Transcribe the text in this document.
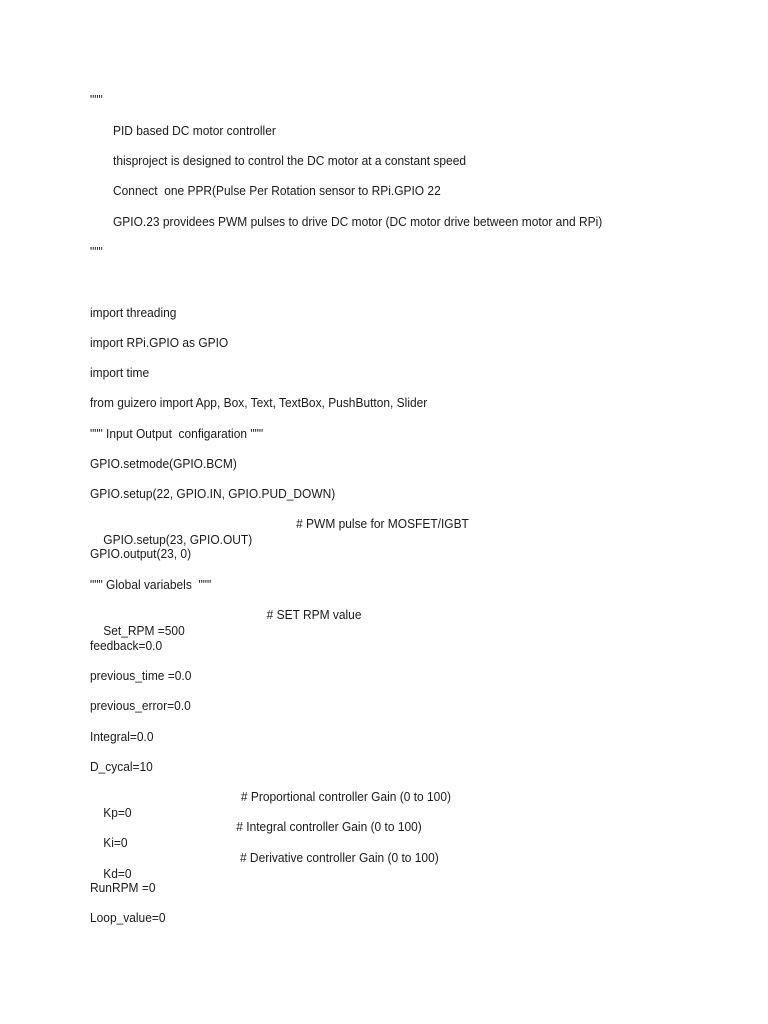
"""
PID based DC motor controller
thisproject is designed to control the DC motor at a constant speed
Connect  one PPR(Pulse Per Rotation sensor to RPi.GPIO 22
GPIO.23 providees PWM pulses to drive DC motor (DC motor drive between motor and RPi)
"""
import threading
import RPi.GPIO as GPIO
import time
from guizero import App, Box, Text, TextBox, PushButton, Slider
""" Input Output  configaration """
GPIO.setmode(GPIO.BCM)
GPIO.setup(22, GPIO.IN, GPIO.PUD_DOWN)

GPIO.setup(23, GPIO.OUT)

# PWM pulse for MOSFET/IGBT

GPIO.output(23, 0)
""" Global variabels  """

Set_RPM =500

# SET RPM value

feedback=0.0
previous_time =0.0
previous_error=0.0
Integral=0.0
D_cycal=10

Kp=0

# Proportional controller Gain (0 to 100)

Ki=0

# Integral controller Gain (0 to 100)

Kd=0

# Derivative controller Gain (0 to 100)

RunRPM =0
Loop_value=0
